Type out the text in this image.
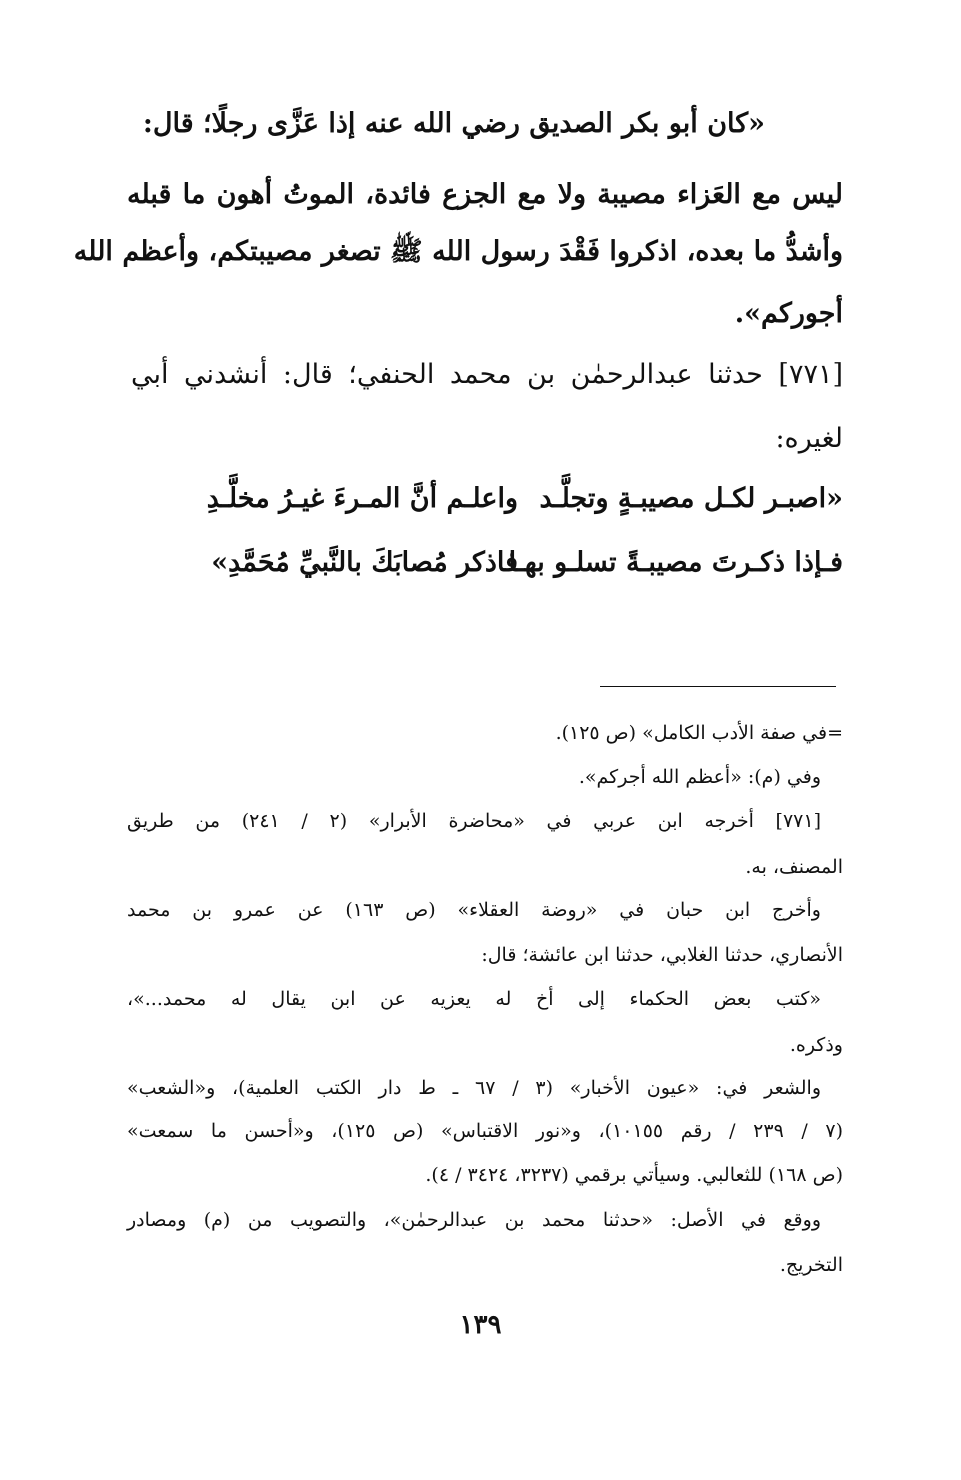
«كان أبو بكر الصديق رضي الله عنه إذا عَزَّى رجلًا؛ قال:
ليس مع العَزاء مصيبة ولا مع الجزع فائدة، الموتُ أهون ما قبله
وأشدُّ ما بعده، اذكروا فَقْدَ رسول الله ﷺ تصغر مصيبتكم، وأعظم الله
أجوركم».
[٧٧١] حدثنا عبدالرحمٰن بن محمد الحنفي؛ قال: أنشدني أبي
لغيره:
«اصبـر لكـل مصيبـةٍ وتجلَّـد
واعلـم أنَّ المـرءَ غيـرُ مخلَّـدِ
فـإذا ذكـرتَ مصيبـةً تسلـو بهـا
فاذكر مُصابَكَ بالنَّبيِّ مُحَمَّدِ»
=في صفة الأدب الكامل» (ص ١٢٥).
وفي (م): «أعظم الله أجركم».
[٧٧١] أخرجه ابن عربي في «محاضرة الأبرار» (٢ / ٢٤١) من طريق
المصنف، به.
وأخرج ابن حبان في «روضة العقلاء» (ص ١٦٣) عن عمرو بن محمد
الأنصاري، حدثنا الغلابي، حدثنا ابن عائشة؛ قال:
«كتب بعض الحكماء إلى أخ له يعزيه عن ابن يقال له محمد...»،
وذكره.
والشعر في: «عيون الأخبار» (٣ / ٦٧ ـ ط دار الكتب العلمية)، و«الشعب»
(٧ / ٢٣٩ / رقم ١٠١٥٥)، و«نور الاقتباس» (ص ١٢٥)، و«أحسن ما سمعت»
(ص ١٦٨) للثعالبي. وسيأتي برقمي (٣٢٣٧، ٣٤٢٤ / ٤).
ووقع في الأصل: «حدثنا محمد بن عبدالرحمٰن»، والتصويب من (م) ومصادر
التخريج.
١٣٩
